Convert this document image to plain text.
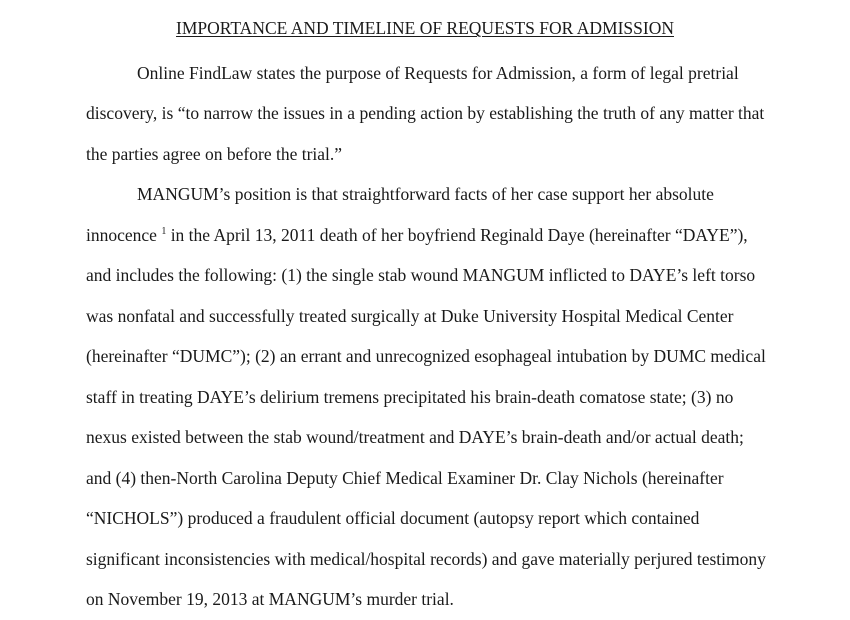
IMPORTANCE AND TIMELINE OF REQUESTS FOR ADMISSION
Online FindLaw states the purpose of Requests for Admission, a form of legal pretrial
discovery, is “to narrow the issues in a pending action by establishing the truth of any matter that
the parties agree on before the trial.”
MANGUM’s position is that straightforward facts of her case support her absolute
innocence $^1$ in the April 13, 2011 death of her boyfriend Reginald Daye (hereinafter “DAYE”),
and includes the following: (1) the single stab wound MANGUM inflicted to DAYE’s left torso
was nonfatal and successfully treated surgically at Duke University Hospital Medical Center
(hereinafter “DUMC”); (2) an errant and unrecognized esophageal intubation by DUMC medical
staff in treating DAYE’s delirium tremens precipitated his brain-death comatose state; (3) no
nexus existed between the stab wound/treatment and DAYE’s brain-death and/or actual death;
and (4) then-North Carolina Deputy Chief Medical Examiner Dr. Clay Nichols (hereinafter
“NICHOLS”) produced a fraudulent official document (autopsy report which contained
significant inconsistencies with medical/hospital records) and gave materially perjured testimony
on November 19, 2013 at MANGUM’s murder trial.
